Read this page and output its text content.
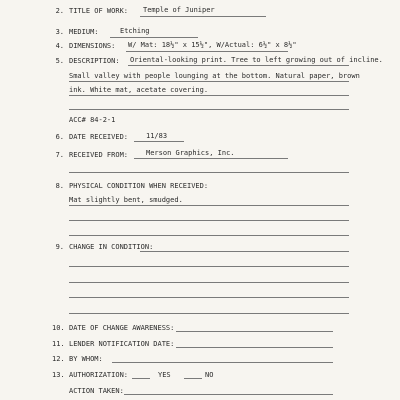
2. TITLE OF WORK: Temple of Juniper
3. MEDIUM:	Etching
4. DIMENSIONS: W/ Mat: 18½" x 15½", W/Actual: 6½" x 8½"
5. DESCRIPTION: Oriental-looking print. Tree to left growing out of incline.
Small valley with people lounging at the bottom. Natural paper, brown
ink. White mat, acetate covering.
ACC# 84-2-1
6. DATE RECEIVED:	11/83
7. RECEIVED FROM:	Merson Graphics, Inc.
8. PHYSICAL CONDITION WHEN RECEIVED:
Mat slightly bent, smudged.
9. CHANGE IN CONDITION:
10. DATE OF CHANGE AWARENESS:
11. LENDER NOTIFICATION DATE:
12. BY WHOM:
13. AUTHORIZATION:	YES	NO
ACTION TAKEN:
